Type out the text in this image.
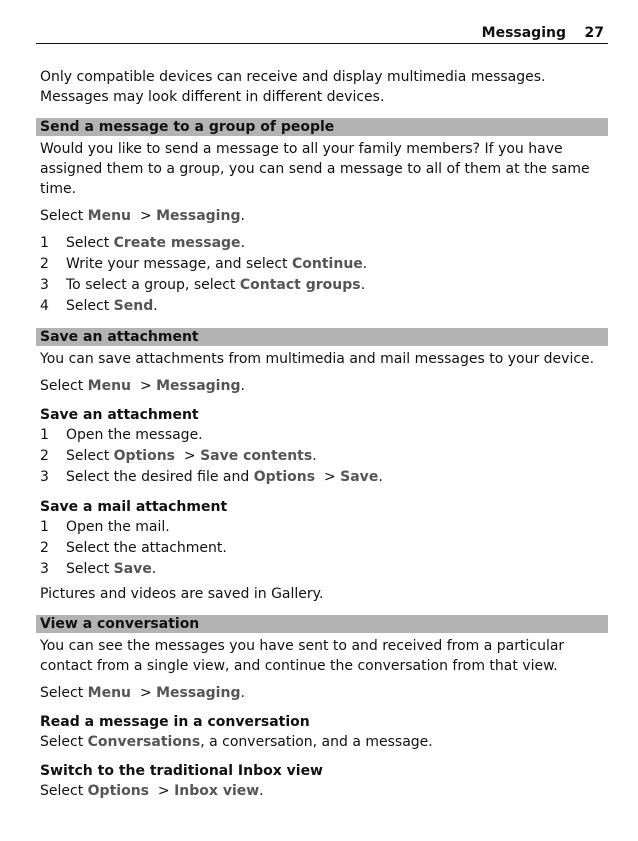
Messaging 27

Only compatible devices can receive and display multimedia messages. Messages may look different in different devices.

Send a message to a group of people

Would you like to send a message to all your family members? If you have assigned them to a group, you can send a message to all of them at the same time.

Select Menu > Messaging.

1 Select Create message.
2 Write your message, and select Continue.
3 To select a group, select Contact groups.
4 Select Send.
Save an attachment

You can save attachments from multimedia and mail messages to your device.

Select Menu > Messaging.

Save an attachment
1 Open the message.
2 Select Options > Save contents.
3 Select the desired file and Options > Save.
Save a mail attachment
1 Open the mail.
2 Select the attachment.
3 Select Save.

Pictures and videos are saved in Gallery.

View a conversation

You can see the messages you have sent to and received from a particular contact from a single view, and continue the conversation from that view.

Select Menu > Messaging.

Read a message in a conversation

Select Conversations, a conversation, and a message.

Switch to the traditional Inbox view

Select Options > Inbox view.
